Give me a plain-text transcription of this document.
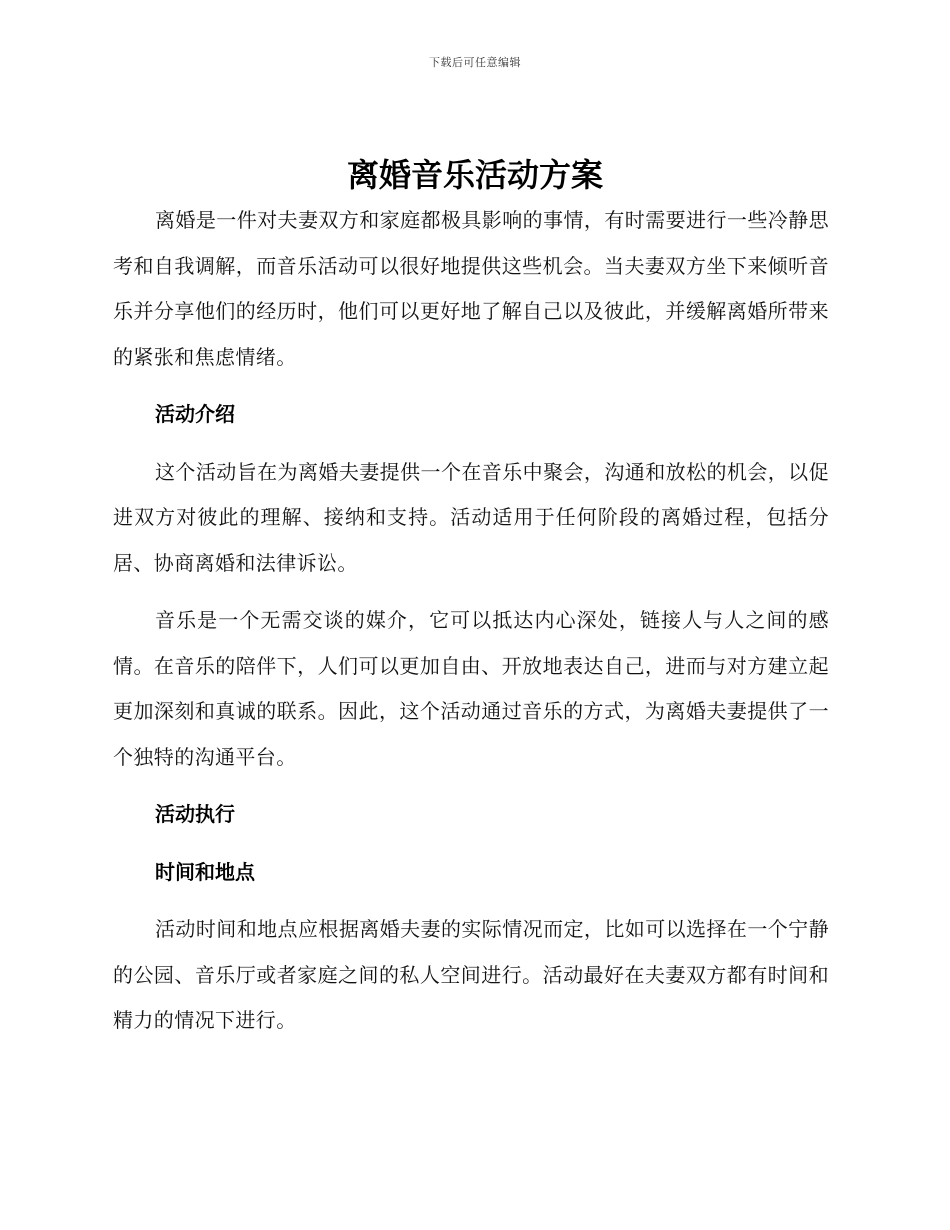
下载后可任意编辑
离婚音乐活动方案

离婚是一件对夫妻双方和家庭都极具影响的事情，有时需要进行一些冷静思考和自我调解，而音乐活动可以很好地提供这些机会。当夫妻双方坐下来倾听音乐并分享他们的经历时，他们可以更好地了解自己以及彼此，并缓解离婚所带来的紧张和焦虑情绪。

活动介绍

这个活动旨在为离婚夫妻提供一个在音乐中聚会，沟通和放松的机会，以促进双方对彼此的理解、接纳和支持。活动适用于任何阶段的离婚过程，包括分居、协商离婚和法律诉讼。

音乐是一个无需交谈的媒介，它可以抵达内心深处，链接人与人之间的感情。在音乐的陪伴下，人们可以更加自由、开放地表达自己，进而与对方建立起更加深刻和真诚的联系。因此，这个活动通过音乐的方式，为离婚夫妻提供了一个独特的沟通平台。

活动执行
时间和地点

活动时间和地点应根据离婚夫妻的实际情况而定，比如可以选择在一个宁静的公园、音乐厅或者家庭之间的私人空间进行。活动最好在夫妻双方都有时间和精力的情况下进行。
